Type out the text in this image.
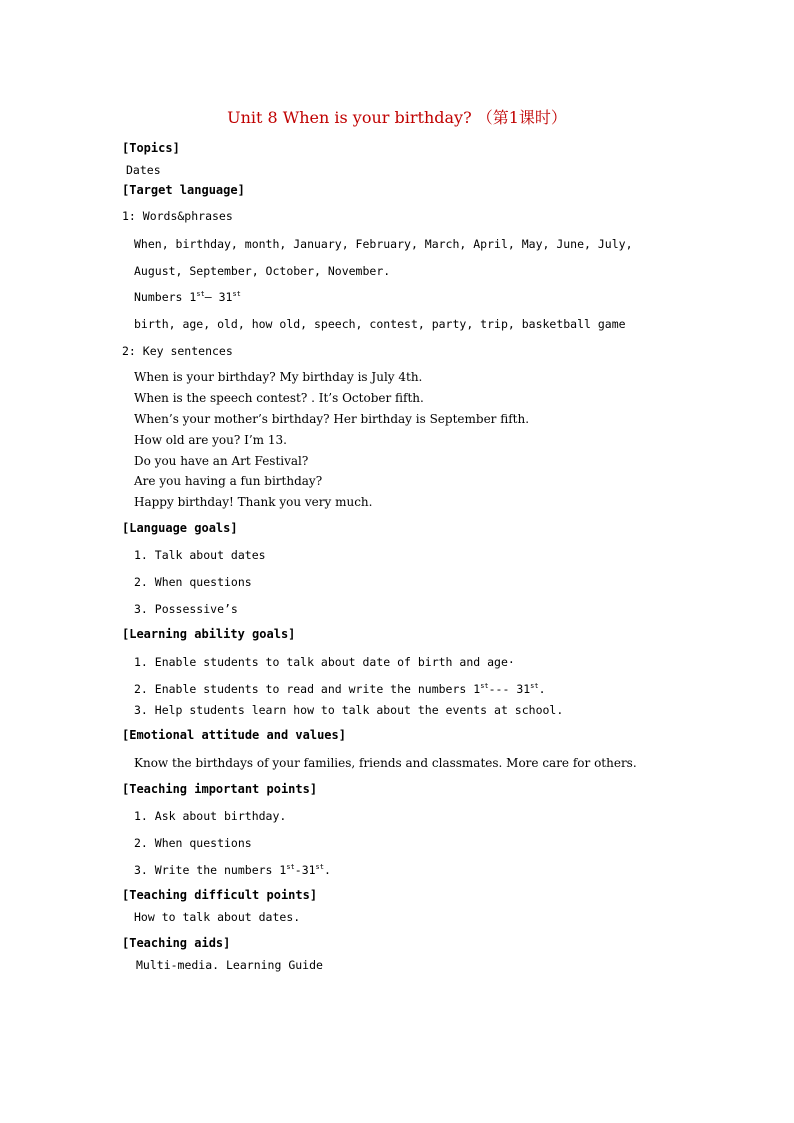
Unit 8 When is your birthday? （第1课时）
[Topics]
Dates
[Target language]
1: Words&phrases
When, birthday, month, January, February, March, April, May, June, July,
August, September, October, November.
Numbers 1st— 31st
birth, age, old, how old, speech, contest, party, trip, basketball game
2: Key sentences
When is your birthday? My birthday is July 4th.
When is the speech contest? . It’s October fifth.
When’s your mother’s birthday? Her birthday is September fifth.
How old are you? I’m 13.
Do you have an Art Festival?
Are you having a fun birthday?
Happy birthday! Thank you very much.
[Language goals]
1. Talk about dates
2. When questions
3. Possessive’s
[Learning ability goals]
1. Enable students to talk about date of birth and age·
2. Enable students to read and write the numbers 1st--- 31st.
3. Help students learn how to talk about the events at school.
[Emotional attitude and values]
Know the birthdays of your families, friends and classmates. More care for others.
[Teaching important points]
1. Ask about birthday.
2. When questions
3. Write the numbers 1st-31st.
[Teaching difficult points]
How to talk about dates.
[Teaching aids]
Multi-media. Learning Guide
